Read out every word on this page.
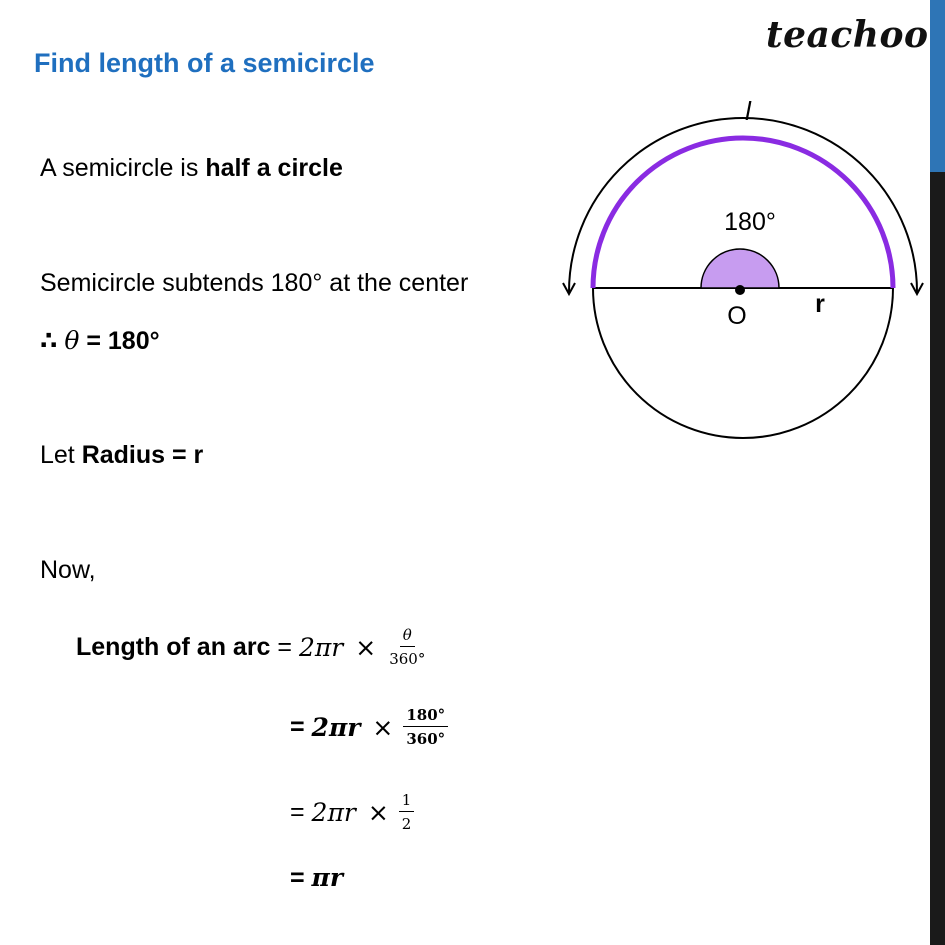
teachoo
Find length of a semicircle
A semicircle is half a circle
Semicircle subtends 180° at the center
∴ θ = 180°
Let Radius = r
Now,
Length of an arc = $2\pi r \times \frac{\theta}{360^\circ}$
= $2\pi r \times \frac{180^\circ}{360^\circ}$
= $2\pi r \times \frac{1}{2}$
= πr
l
180°
O	r
